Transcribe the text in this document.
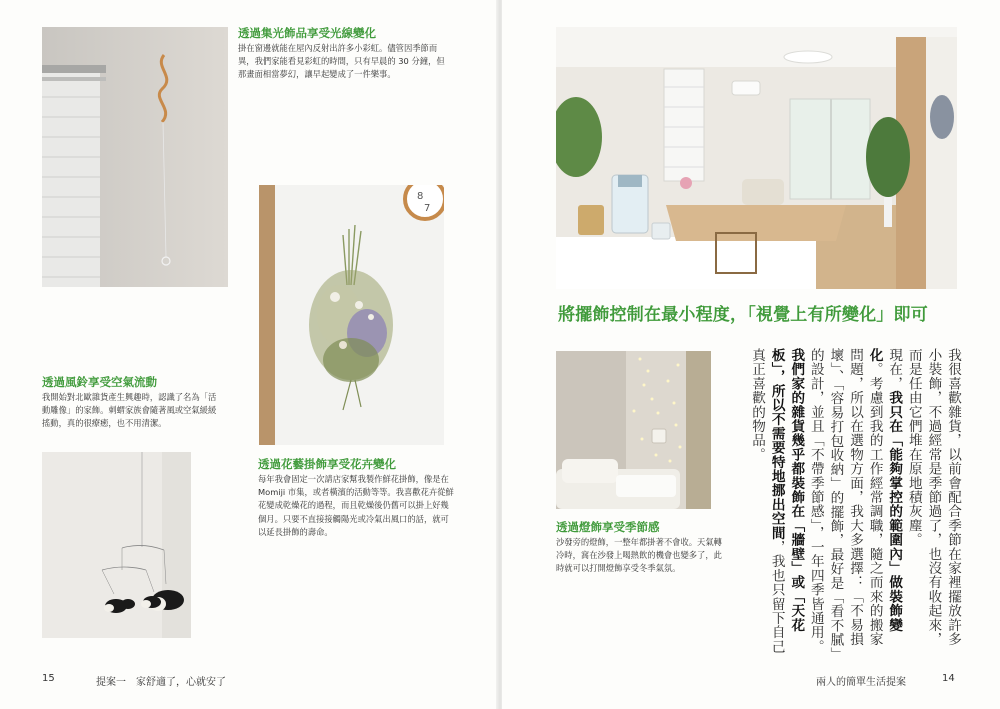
透過集光飾品享受光線變化
掛在窗邊就能在屋內反射出許多小彩虹。儘管因季節而異，我們家能看見彩虹的時間，只有早晨的 30 分鐘，但那畫面相當夢幻，讓早起變成了一件樂事。
8
7
透過花藝掛飾享受花卉變化
每年我會固定一次請店家幫我製作鮮花掛飾，像是在 Momiji 市集，或者橫濱的活動等等。我喜歡花卉從鮮花變成乾燥花的過程，而且乾燥後仍舊可以掛上好幾個月。只要不直接接觸陽光或冷氣出風口的話，就可以延長掛飾的壽命。
透過風鈴享受空氣流動
我開始對北歐雜貨產生興趣時，認識了名為「活動雕像」的家飾。刺蝟家族會隨著風或空氣緩緩搖動，真的很療癒，也不用清潔。
15	提案一　家舒適了，心就安了
將擺飾控制在最小程度，「視覺上有所變化」即可
透過燈飾享受季節感
沙發旁的燈飾，一整年都掛著不會收。天氣轉冷時，窩在沙發上喝熱飲的機會也變多了，此時就可以打開燈飾享受冬季氣氛。
兩人的簡單生活提案	14
我很喜歡雜貨，以前會配合季節在家裡擺放許多小裝飾，不過經常是季節過了，也沒有收起來，而是任由它們堆在原地積灰塵。
現在，我只在「能夠掌控的範圍內」做裝飾變化。考慮到我的工作經常調職，隨之而來的搬家問題，所以在選物方面，我大多選擇：「不易損壞」、「容易打包收納」的擺飾，最好是「看不膩」的設計，並且「不帶季節感」，一年四季皆通用。
我們家的雜貨幾乎都裝飾在「牆壁」或「天花板」，所以不需要特地挪出空間，我也只留下自己真正喜歡的物品。
